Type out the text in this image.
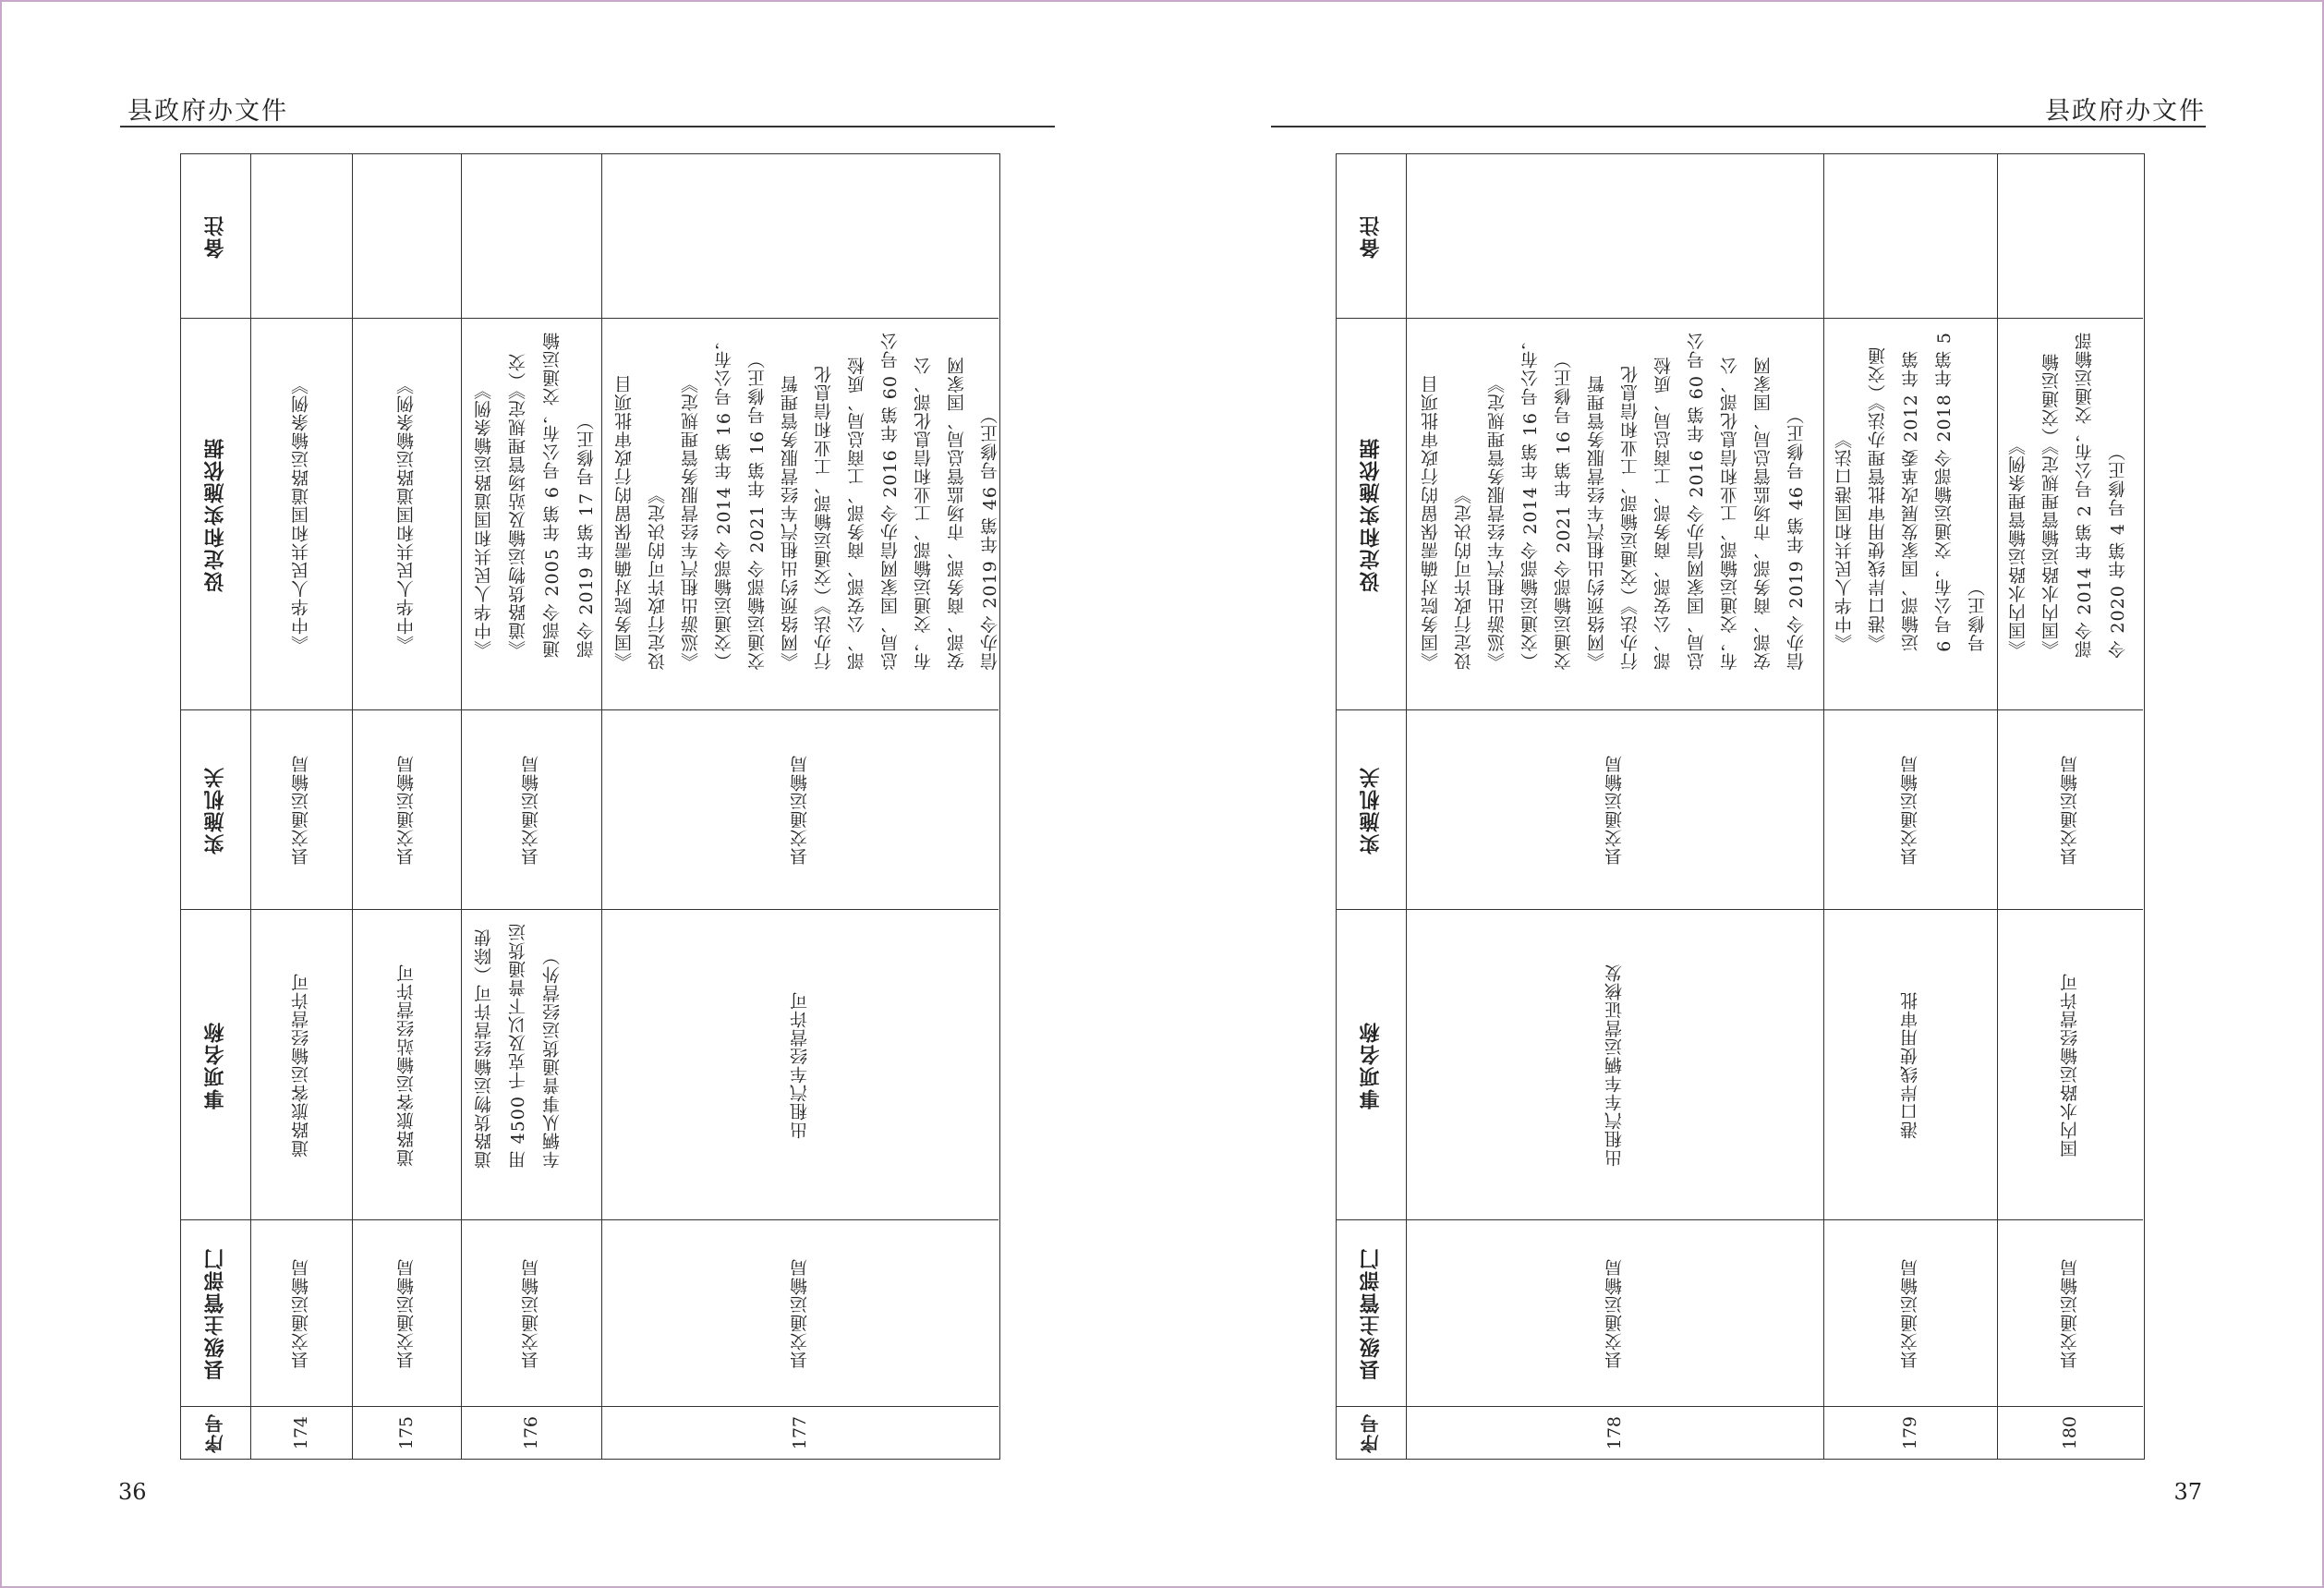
县政府办文件
备注
设定和实施依据
实施机关
事项名称
县级主管部门
序号
《中华人民共和国道路运输条例》
县交通运输局
道路旅客运输经营许可
县交通运输局
174
《中华人民共和国道路运输条例》
县交通运输局
道路旅客运输站经营许可
县交通运输局
175
《中华人民共和国道路运输条例》 《道路货物运输及站场管理规定》（交 通部令 2005 年第 6 号公布，交通运输 部令 2019 年第 17 号修正）
县交通运输局
道路货物运输经营许可（除使 用 4500 千克及以下普通货运 车辆从事普通货运经营外）
县交通运输局
176
《国务院对确需保留的行政审批项目 设定行政许可的决定》 《巡游出租汽车经营服务管理规定》 （交通运输部令 2014 年第 16 号公布， 交通运输部令 2021 年第 16 号修正） 《网络预约出租汽车经营服务管理暂 行办法》（交通运输部、工业和信息化 部、公安部、商务部、工商总局、质检 总局、国家网信办令 2016 年第 60 号公 布，交通运输部、工业和信息化部、公 安部、商务部、市场监管总局、国家网 信办令 2019 年第 46 号修正）
县交通运输局
出租汽车经营许可
县交通运输局
177
36
县政府办文件
备注
设定和实施依据
实施机关
事项名称
县级主管部门
序号
《国务院对确需保留的行政审批项目 设定行政许可的决定》 《巡游出租汽车经营服务管理规定》 （交通运输部令 2014 年第 16 号公布， 交通运输部令 2021 年第 16 号修正） 《网络预约出租汽车经营服务管理暂 行办法》（交通运输部、工业和信息化 部、公安部、商务部、工商总局、质检 总局、国家网信办令 2016 年第 60 号公 布，交通运输部、工业和信息化部、公 安部、商务部、市场监管总局、国家网 信办令 2019 年第 46 号修正）
县交通运输局
出租汽车车辆运营证核发
县交通运输局
178
《中华人民共和国港口法》 《港口岸线使用审批管理办法》（交通 运输部、国家发展改革委 2012 年第 6 号公布，交通运输部令 2018 年第 5 号修正）
县交通运输局
港口岸线使用审批
县交通运输局
179
《国内水路运输管理条例》 《国内水路运输管理规定》（交通运输 部令 2014 年第 2 号公布，交通运输部 令 2020 年第 4 号修正）
县交通运输局
国内水路运输经营许可
县交通运输局
180
37
